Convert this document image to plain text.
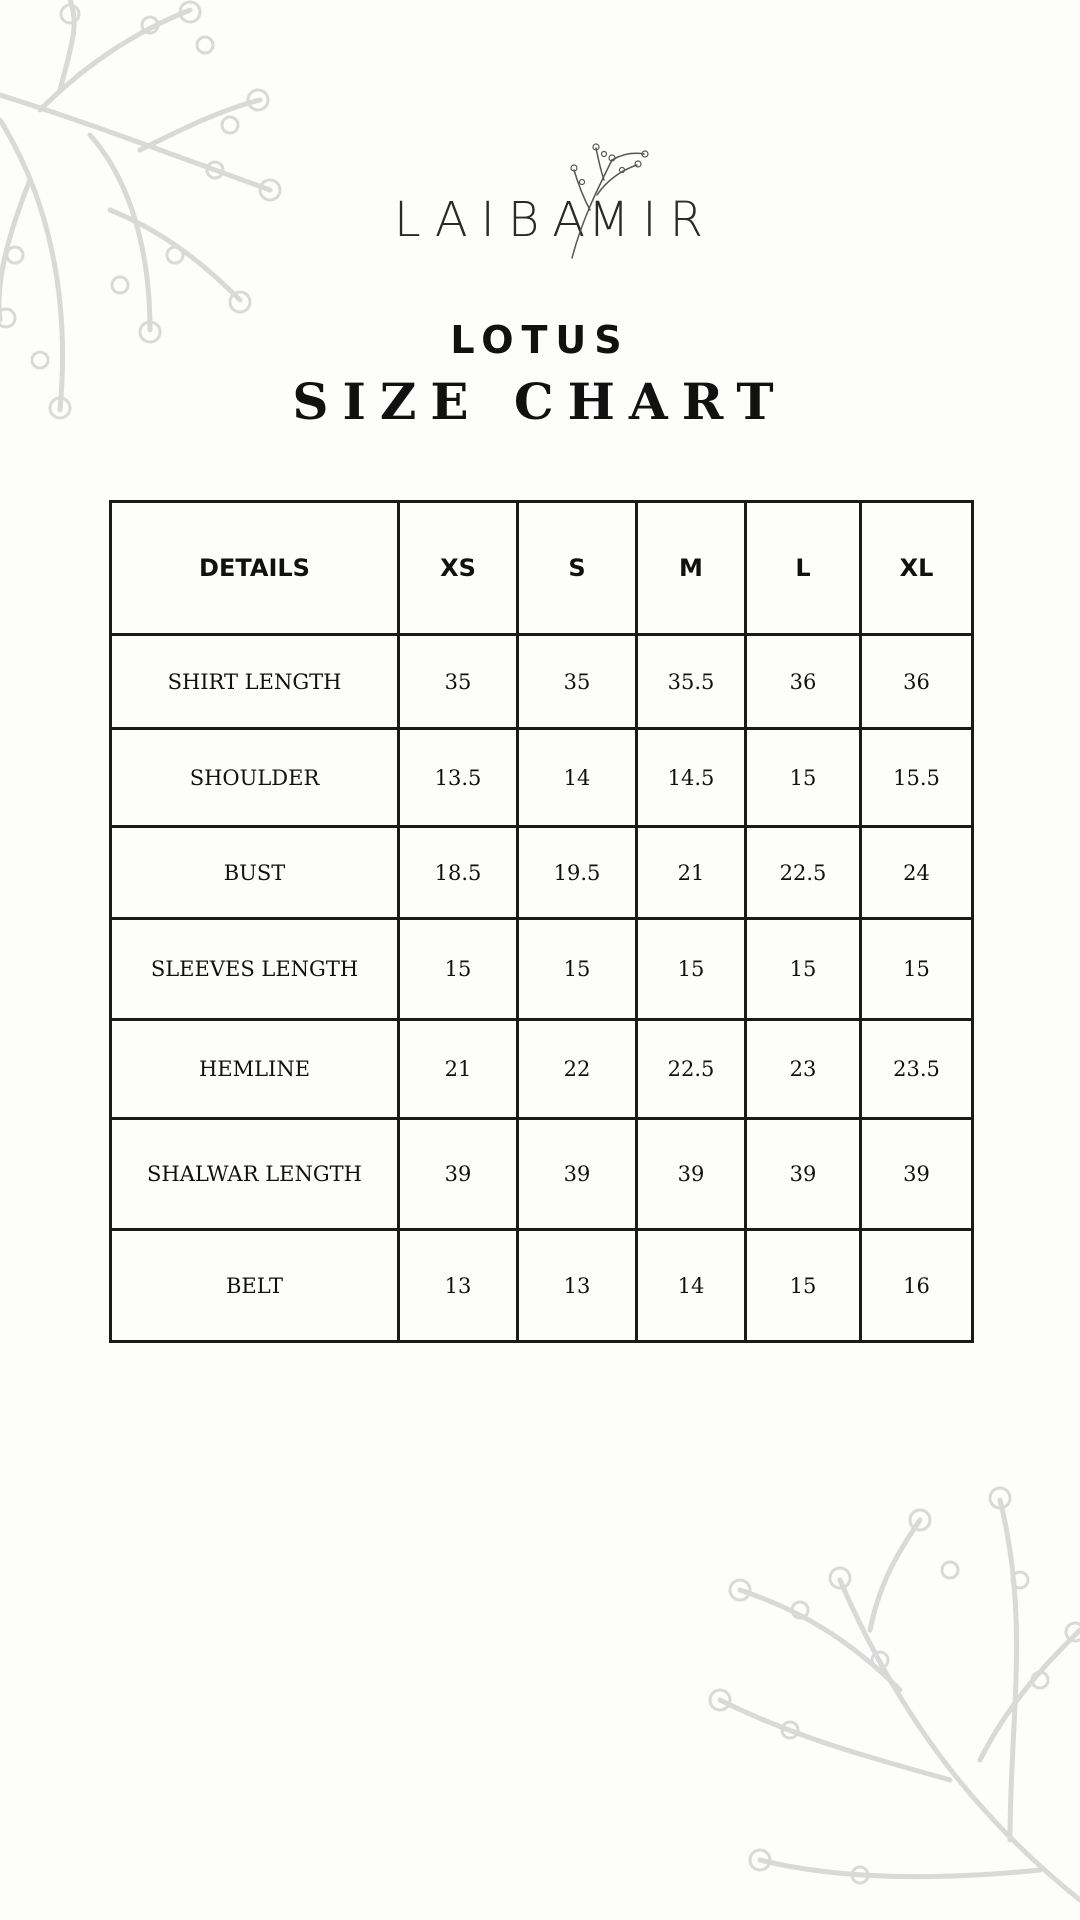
LAIBA
MIR
LOTUS
SIZE CHART
DETAILS	XS	S	M	L	XL
SHIRT LENGTH	35	35	35.5	36	36
SHOULDER	13.5	14	14.5	15	15.5
BUST	18.5	19.5	21	22.5	24
SLEEVES LENGTH	15	15	15	15	15
HEMLINE	21	22	22.5	23	23.5
SHALWAR LENGTH	39	39	39	39	39
BELT	13	13	14	15	16
